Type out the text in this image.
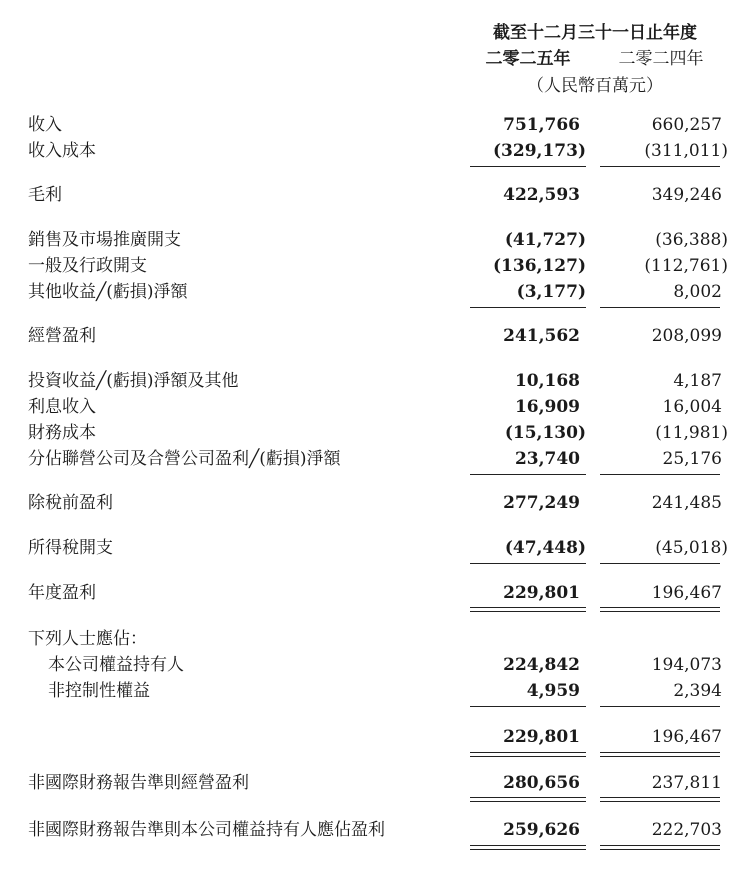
截至十二月三十一日止年度
二零二五年	二零二四年
（人民幣百萬元）
收入	751,766	660,257
收入成本	(329,173)	(311,011)
毛利	422,593	349,246
銷售及市場推廣開支	(41,727)	(36,388)
一般及行政開支	(136,127)	(112,761)
其他收益╱(虧損)淨額	(3,177)	8,002
經營盈利	241,562	208,099
投資收益╱(虧損)淨額及其他	10,168	4,187
利息收入	16,909	16,004
財務成本	(15,130)	(11,981)
分佔聯營公司及合營公司盈利╱(虧損)淨額	23,740	25,176
除稅前盈利	277,249	241,485
所得稅開支	(47,448)	(45,018)
年度盈利	229,801	196,467
下列人士應佔：
本公司權益持有人	224,842	194,073
非控制性權益	4,959	2,394
229,801	196,467
非國際財務報告準則經營盈利	280,656	237,811
非國際財務報告準則本公司權益持有人應佔盈利	259,626	222,703
